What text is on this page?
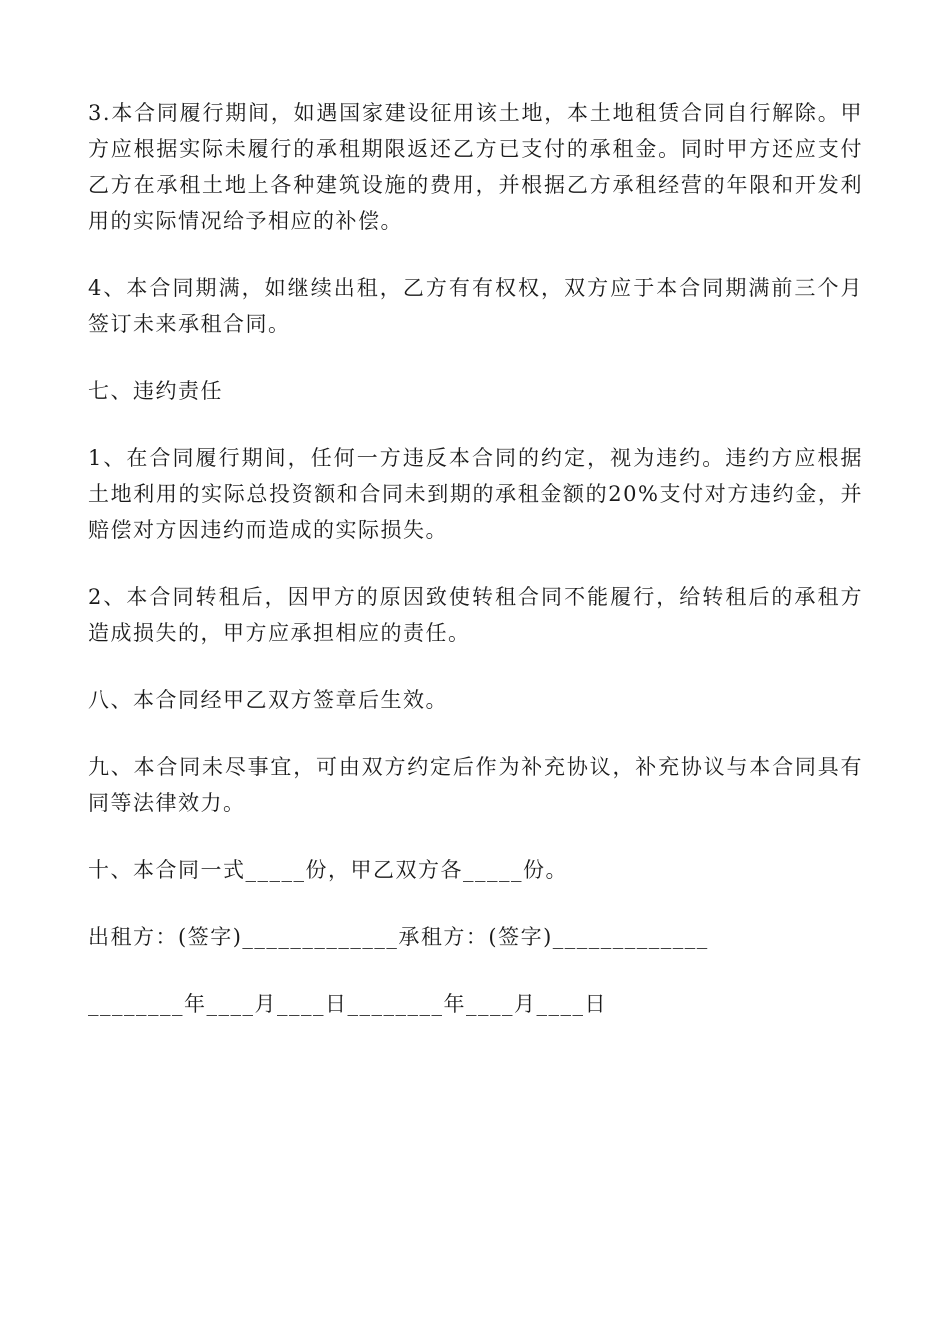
3.本合同履行期间，如遇国家建设征用该土地，本土地租赁合同自行解除。甲方应根据实际未履行的承租期限返还乙方已支付的承租金。同时甲方还应支付乙方在承租土地上各种建筑设施的费用，并根据乙方承租经营的年限和开发利用的实际情况给予相应的补偿。

4、本合同期满，如继续出租，乙方有有权权，双方应于本合同期满前三个月签订未来承租合同。

七、违约责任

1、在合同履行期间，任何一方违反本合同的约定，视为违约。违约方应根据土地利用的实际总投资额和合同未到期的承租金额的20%支付对方违约金，并赔偿对方因违约而造成的实际损失。

2、本合同转租后，因甲方的原因致使转租合同不能履行，给转租后的承租方造成损失的，甲方应承担相应的责任。

八、本合同经甲乙双方签章后生效。

九、本合同未尽事宜，可由双方约定后作为补充协议，补充协议与本合同具有同等法律效力。

十、本合同一式_____份，甲乙双方各_____份。

出租方：(签字)_____________承租方：(签字)_____________

________年____月____日________年____月____日
